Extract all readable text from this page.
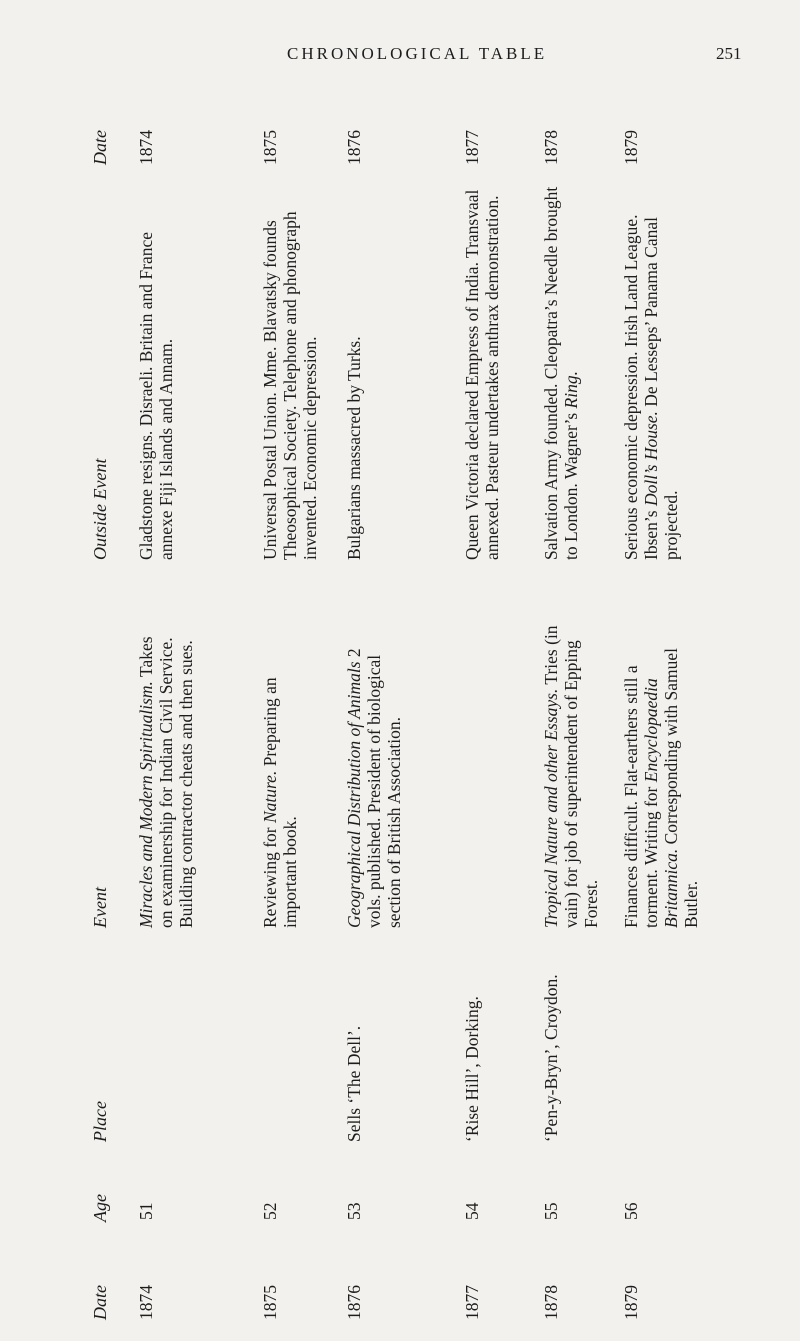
CHRONOLOGICAL TABLE	251
Date
Age
Place
Event
Outside Event
Date
1874
51
Miracles and Modern Spiritualism. Takes on examinership for Indian Civil Service. Building contractor cheats and then sues.
Gladstone resigns. Disraeli. Britain and France annexe Fiji Islands and Annam.
1874
1875
52
Reviewing for Nature. Preparing an important book.
Universal Postal Union. Mme. Blavatsky founds Theosophical Society. Telephone and phonograph invented. Economic depression.
1875
1876
53
Sells ‘The Dell’.
Geographical Distribution of Animals 2 vols. published. President of biological section of British Association.
Bulgarians massacred by Turks.
1876
1877
54
‘Rise Hill’, Dorking.
Queen Victoria declared Empress of India. Transvaal annexed. Pasteur undertakes anthrax demonstration.
1877
1878
55
‘Pen-y-Bryn’, Croydon.
Tropical Nature and other Essays. Tries (in vain) for job of superintendent of Epping Forest.
Salvation Army founded. Cleopatra’s Needle brought to London. Wagner’s Ring.
1878
1879
56
Finances difficult. Flat-earthers still a torment. Writing for Encyclopaedia Britannica. Corresponding with Samuel Butler.
Serious economic depression. Irish Land League. Ibsen’s Doll’s House. De Lesseps’ Panama Canal projected.
1879
